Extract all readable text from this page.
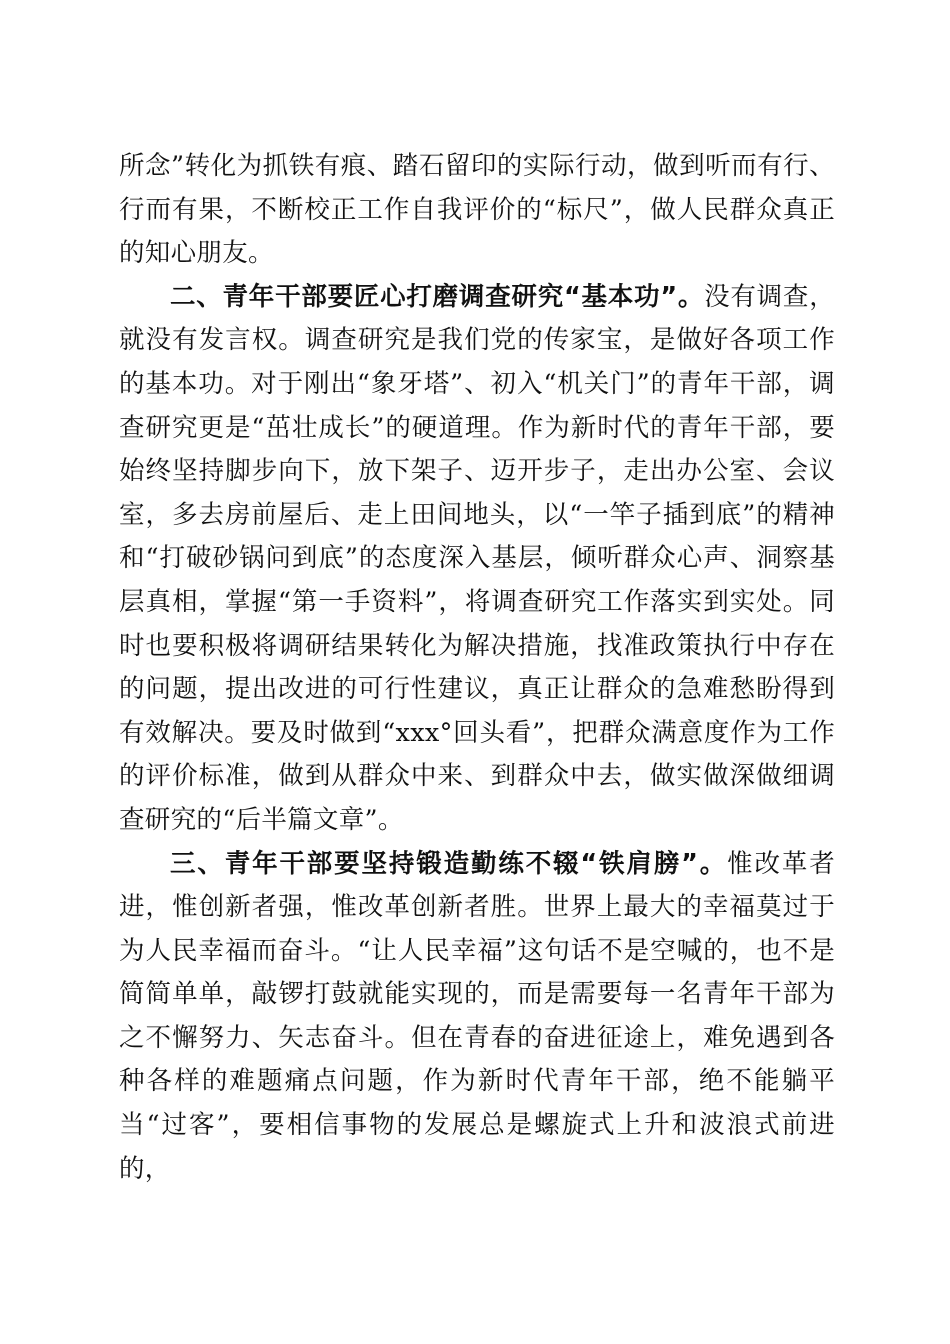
所念”转化为抓铁有痕、踏石留印的实际行动，做到听而有行、行而有果，不断校正工作自我评价的“标尺”，做人民群众真正的知心朋友。

二、青年干部要匠心打磨调查研究“基本功”。没有调查，就没有发言权。调查研究是我们党的传家宝，是做好各项工作的基本功。对于刚出“象牙塔”、初入“机关门”的青年干部，调查研究更是“茁壮成长”的硬道理。作为新时代的青年干部，要始终坚持脚步向下，放下架子、迈开步子，走出办公室、会议室，多去房前屋后、走上田间地头，以“一竿子插到底”的精神和“打破砂锅问到底”的态度深入基层，倾听群众心声、洞察基层真相，掌握“第一手资料”，将调查研究工作落实到实处。同时也要积极将调研结果转化为解决措施，找准政策执行中存在的问题，提出改进的可行性建议，真正让群众的急难愁盼得到有效解决。要及时做到“xxx°回头看”，把群众满意度作为工作的评价标准，做到从群众中来、到群众中去，做实做深做细调查研究的“后半篇文章”。

三、青年干部要坚持锻造勤练不辍“铁肩膀”。惟改革者进，惟创新者强，惟改革创新者胜。世界上最大的幸福莫过于为人民幸福而奋斗。“让人民幸福”这句话不是空喊的，也不是简简单单，敲锣打鼓就能实现的，而是需要每一名青年干部为之不懈努力、矢志奋斗。但在青春的奋进征途上，难免遇到各种各样的难题痛点问题，作为新时代青年干部，绝不能躺平当“过客”，要相信事物的发展总是螺旋式上升和波浪式前进的，
